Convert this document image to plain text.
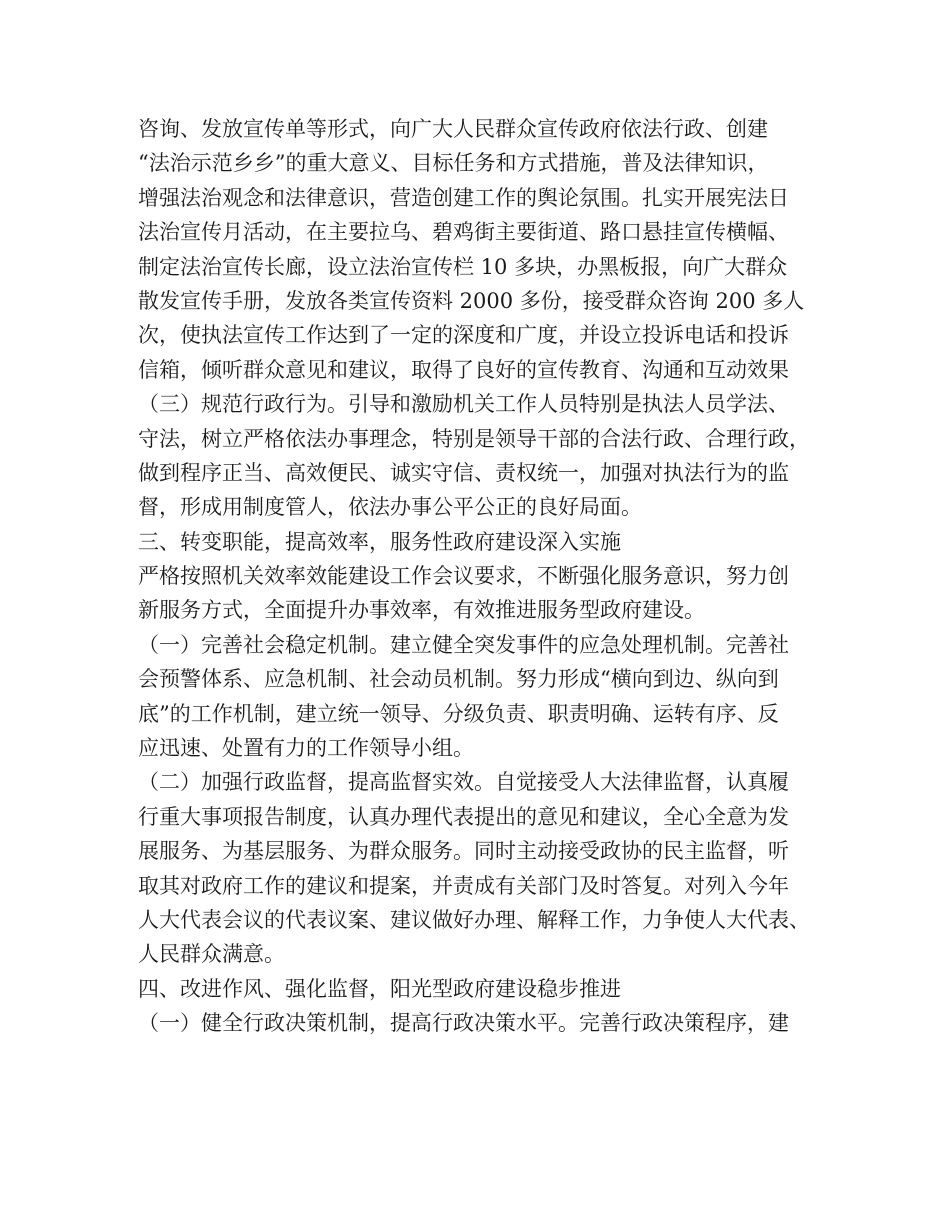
咨询、发放宣传单等形式，向广大人民群众宣传政府依法行政、创建
“法治示范乡乡”的重大意义、目标任务和方式措施，普及法律知识，
增强法治观念和法律意识，营造创建工作的舆论氛围。扎实开展宪法日
法治宣传月活动，在主要拉乌、碧鸡街主要街道、路口悬挂宣传横幅、
制定法治宣传长廊，设立法治宣传栏 10 多块，办黑板报，向广大群众
散发宣传手册，发放各类宣传资料 2000 多份，接受群众咨询 200 多人
次，使执法宣传工作达到了一定的深度和广度，并设立投诉电话和投诉
信箱，倾听群众意见和建议，取得了良好的宣传教育、沟通和互动效果
（三）规范行政行为。引导和激励机关工作人员特别是执法人员学法、
守法，树立严格依法办事理念，特别是领导干部的合法行政、合理行政，
做到程序正当、高效便民、诚实守信、责权统一，加强对执法行为的监
督，形成用制度管人，依法办事公平公正的良好局面。
三、转变职能，提高效率，服务性政府建设深入实施
严格按照机关效率效能建设工作会议要求，不断强化服务意识，努力创
新服务方式，全面提升办事效率，有效推进服务型政府建设。
（一）完善社会稳定机制。建立健全突发事件的应急处理机制。完善社
会预警体系、应急机制、社会动员机制。努力形成“横向到边、纵向到
底”的工作机制，建立统一领导、分级负责、职责明确、运转有序、反
应迅速、处置有力的工作领导小组。
（二）加强行政监督，提高监督实效。自觉接受人大法律监督，认真履
行重大事项报告制度，认真办理代表提出的意见和建议，全心全意为发
展服务、为基层服务、为群众服务。同时主动接受政协的民主监督，听
取其对政府工作的建议和提案，并责成有关部门及时答复。对列入今年
人大代表会议的代表议案、建议做好办理、解释工作，力争使人大代表、
人民群众满意。
四、改进作风、强化监督，阳光型政府建设稳步推进
（一）健全行政决策机制，提高行政决策水平。完善行政决策程序，建
